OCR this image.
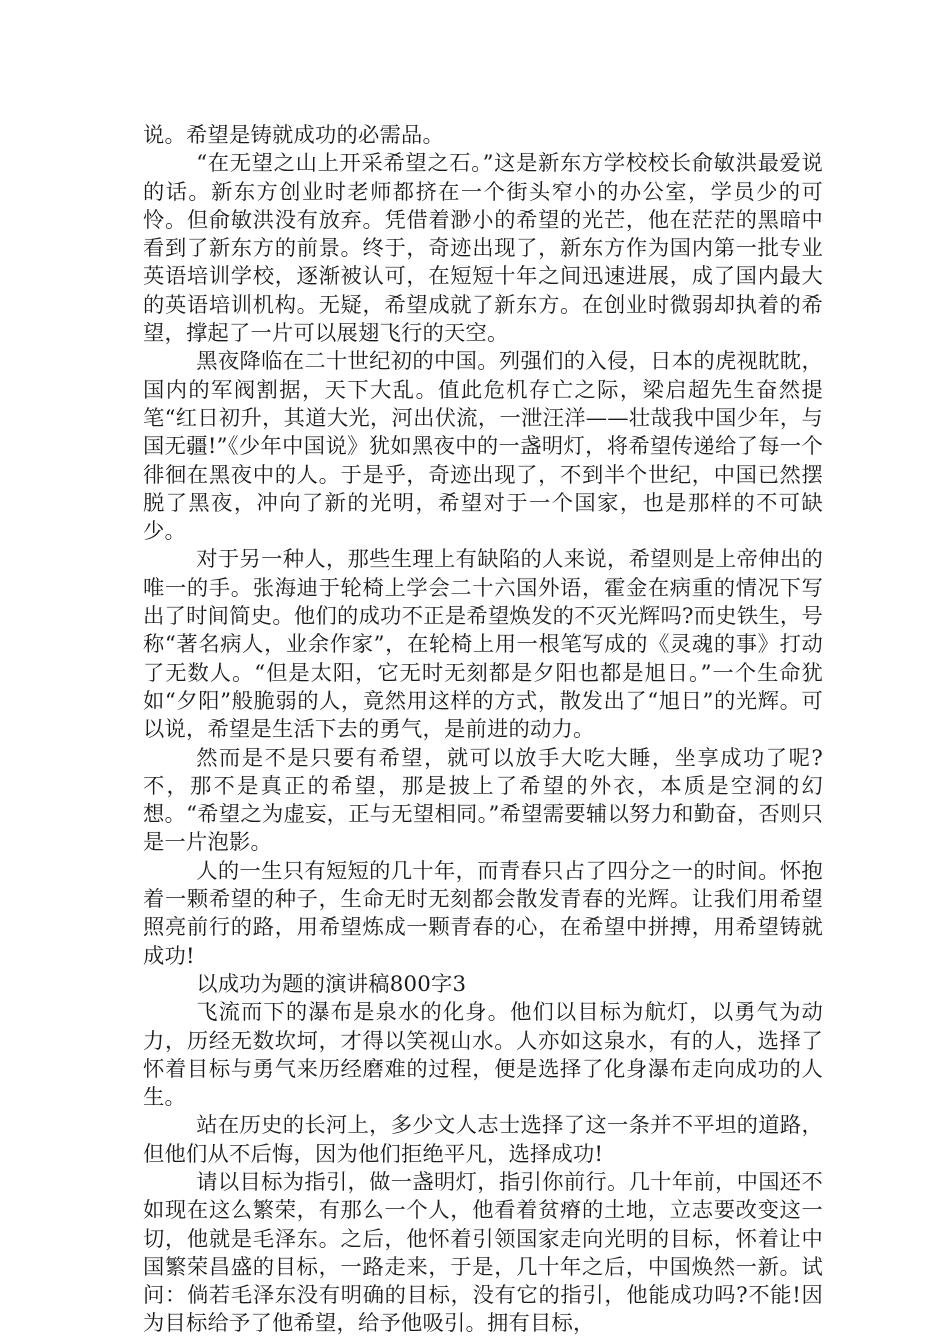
说。希望是铸就成功的必需品。

“在无望之山上开采希望之石。”这是新东方学校校长俞敏洪最爱说的话。新东方创业时老师都挤在一个街头窄小的办公室，学员少的可怜。但俞敏洪没有放弃。凭借着渺小的希望的光芒，他在茫茫的黑暗中看到了新东方的前景。终于，奇迹出现了，新东方作为国内第一批专业英语培训学校，逐渐被认可，在短短十年之间迅速进展，成了国内最大的英语培训机构。无疑，希望成就了新东方。在创业时微弱却执着的希望，撑起了一片可以展翅飞行的天空。

黑夜降临在二十世纪初的中国。列强们的入侵，日本的虎视眈眈，国内的军阀割据，天下大乱。值此危机存亡之际，梁启超先生奋然提笔“红日初升，其道大光，河出伏流，一泄汪洋——壮哉我中国少年，与国无疆!”《少年中国说》犹如黑夜中的一盏明灯，将希望传递给了每一个徘徊在黑夜中的人。于是乎，奇迹出现了，不到半个世纪，中国已然摆脱了黑夜，冲向了新的光明，希望对于一个国家，也是那样的不可缺少。

对于另一种人，那些生理上有缺陷的人来说，希望则是上帝伸出的唯一的手。张海迪于轮椅上学会二十六国外语，霍金在病重的情况下写出了时间简史。他们的成功不正是希望焕发的不灭光辉吗?而史铁生，号称“著名病人，业余作家”，在轮椅上用一根笔写成的《灵魂的事》打动了无数人。“但是太阳，它无时无刻都是夕阳也都是旭日。”一个生命犹如“夕阳”般脆弱的人，竟然用这样的方式，散发出了“旭日”的光辉。可以说，希望是生活下去的勇气，是前进的动力。

然而是不是只要有希望，就可以放手大吃大睡，坐享成功了呢?不，那不是真正的希望，那是披上了希望的外衣，本质是空洞的幻想。“希望之为虚妄，正与无望相同。”希望需要辅以努力和勤奋，否则只是一片泡影。

人的一生只有短短的几十年，而青春只占了四分之一的时间。怀抱着一颗希望的种子，生命无时无刻都会散发青春的光辉。让我们用希望照亮前行的路，用希望炼成一颗青春的心，在希望中拼搏，用希望铸就成功!

以成功为题的演讲稿800字3

飞流而下的瀑布是泉水的化身。他们以目标为航灯，以勇气为动力，历经无数坎坷，才得以笑视山水。人亦如这泉水，有的人，选择了怀着目标与勇气来历经磨难的过程，便是选择了化身瀑布走向成功的人生。

站在历史的长河上，多少文人志士选择了这一条并不平坦的道路，但他们从不后悔，因为他们拒绝平凡，选择成功!

请以目标为指引，做一盏明灯，指引你前行。几十年前，中国还不如现在这么繁荣，有那么一个人，他看着贫瘠的土地，立志要改变这一切，他就是毛泽东。之后，他怀着引领国家走向光明的目标，怀着让中国繁荣昌盛的目标，一路走来，于是，几十年之后，中国焕然一新。试问：倘若毛泽东没有明确的目标，没有它的指引，他能成功吗?不能!因为目标给予了他希望，给予他吸引。拥有目标，
